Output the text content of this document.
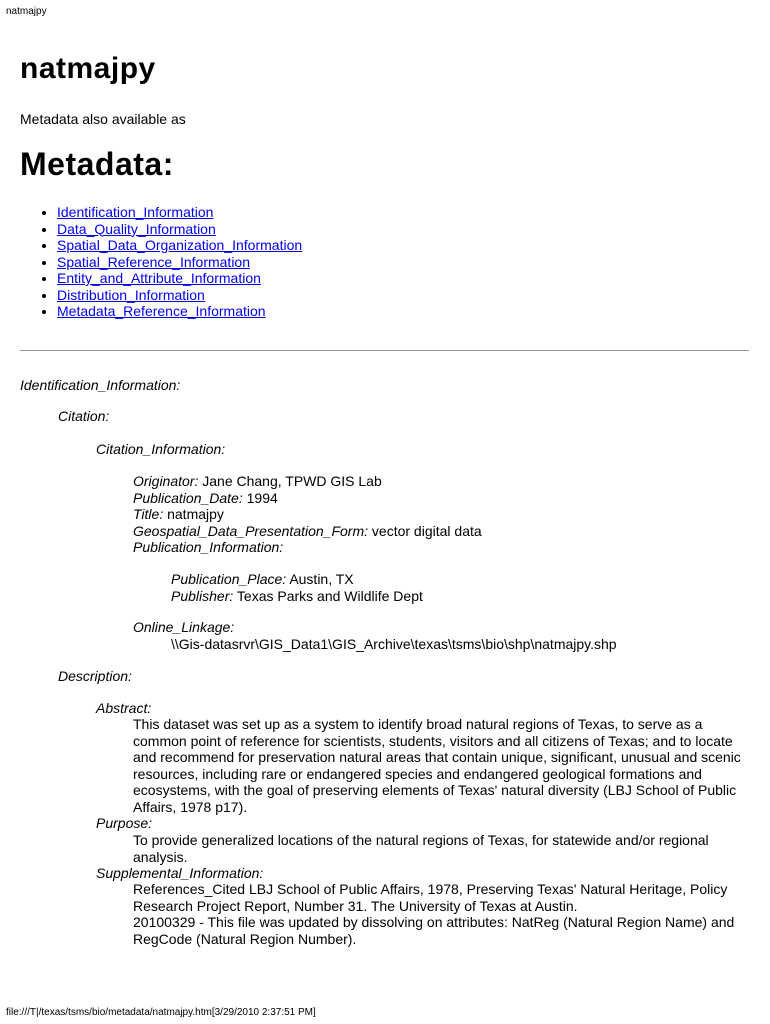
natmajpy
natmajpy
Metadata also available as
Metadata:
• Identification_Information
• Data_Quality_Information
• Spatial_Data_Organization_Information
• Spatial_Reference_Information
• Entity_and_Attribute_Information
• Distribution_Information
• Metadata_Reference_Information
Identification_Information:
Citation:
Citation_Information:
Originator: Jane Chang, TPWD GIS Lab
Publication_Date: 1994
Title: natmajpy
Geospatial_Data_Presentation_Form: vector digital data
Publication_Information:
Publication_Place: Austin, TX
Publisher: Texas Parks and Wildlife Dept
Online_Linkage:
\\Gis-datasrvr\GIS_Data1\GIS_Archive\texas\tsms\bio\shp\natmajpy.shp
Description:
Abstract:
This dataset was set up as a system to identify broad natural regions of Texas, to serve as a common point of reference for scientists, students, visitors and all citizens of Texas; and to locate and recommend for preservation natural areas that contain unique, significant, unusual and scenic resources, including rare or endangered species and endangered geological formations and ecosystems, with the goal of preserving elements of Texas' natural diversity (LBJ School of Public Affairs, 1978 p17).
Purpose:
To provide generalized locations of the natural regions of Texas, for statewide and/or regional analysis.
Supplemental_Information:
References_Cited LBJ School of Public Affairs, 1978, Preserving Texas' Natural Heritage, Policy Research Project Report, Number 31. The University of Texas at Austin.
20100329 - This file was updated by dissolving on attributes: NatReg (Natural Region Name) and RegCode (Natural Region Number).
file:///T|/texas/tsms/bio/metadata/natmajpy.htm[3/29/2010 2:37:51 PM]
